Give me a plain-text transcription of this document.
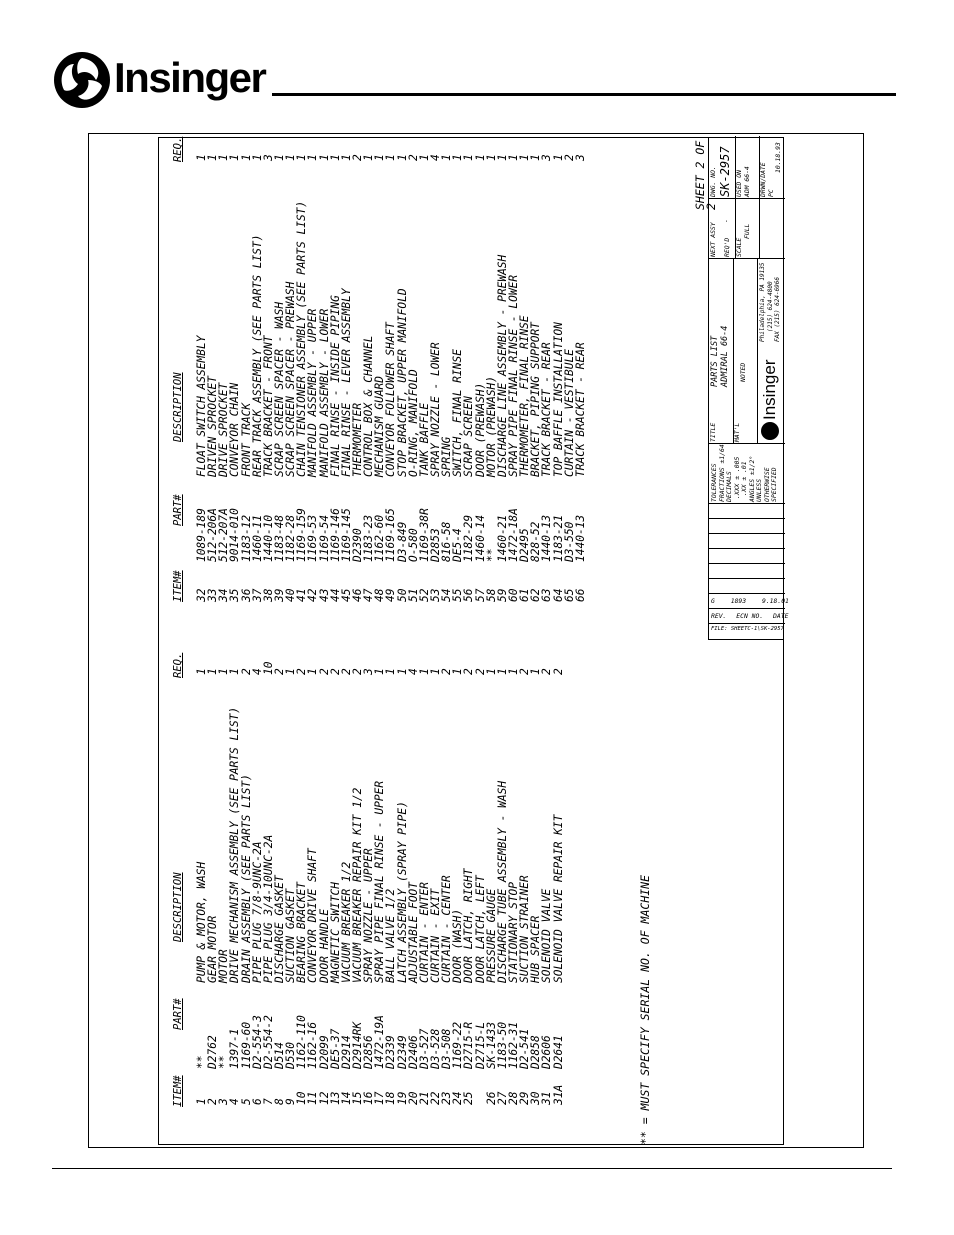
Insinger
ITEM#
PART#
DESCRIPTION
REQ.
ITEM#
PART#
DESCRIPTION
REQ.
1
2
3
4
5
6
7
8
9
10
11
12
13
14
15
16
17
18
19
20
21
22
23
24
25 26
27
28
29
30
31
31A
**
D2762
**
1397-1
1169-60
D2-554-3
D2-554-2
D514
D530
1162-110
1162-16
D2099
DE5-37
D2914
D2914RK
D2856
1472-19A
D2339
D2349
D2406
D3-527
D3-528
D3-508
1169-22
D2715-R
D2715-L
SK-1433
1183-50
1162-31
D2-541
D2858
D2606
D2641
PUMP & MOTOR, WASH
GEAR MOTOR
MOTOR
DRIVE MECHANISM ASSEMBLY (SEE PARTS LIST)
DRAIN ASSEMBLY (SEE PARTS LIST)
PIPE PLUG 7/8-9UNC-2A
PIPE PLUG 3/4-10UNC-2A
DISCHARGE GASKET
SUCTION GASKET
BEARING BRACKET
CONVEYOR DRIVE SHAFT
DOOR HANDLE
MAGNETIC SWITCH
VACUUM BREAKER 1/2
VACUUM BREAKER REPAIR KIT 1/2
SPRAY NOZZLE - UPPER
SPRAY PIPE FINAL RINSE - UPPER
BALL VALVE 1/2
LATCH ASSEMBLY (SPRAY PIPE)
ADJUSTABLE FOOT
CURTAIN - ENTER
CURTAIN - EXIT
CURTAIN - CENTER
DOOR (WASH)
DOOR LATCH, RIGHT
DOOR LATCH, LEFT
PRESSURE GAUGE
DISCHARGE TUBE ASSEMBLY - WASH
STATIONARY STOP
SUCTION STRAINER
HUB SPACER
SOLENOID VALVE
SOLENOID VALVE REPAIR KIT
1
1
1
1
2
4
10
2
1
2
1
2
2
2
2
3
1
1
1
4
1
1
2
1
2
2
1
1
1
2
1
2
2
32
33
34
35
36
37
38
39
40
41
42
43
44
45
46
47
48
49
50
51
52
53
54
55
56
57
58
59
60
61
62
63
64
65
66
1089-189
512-206A
512-207A
9014-010
1183-12
1460-11
1440-10
1183-48
1182-28
1169-159
1169-53
1169-54
1169-146
1169-145
D2390
1183-23
1162-60
1169-165
D3-849
O-580
1169-38R
D2853
816-58
DE5-4
1182-29
1460-14
**
1460-21
1472-18A
D2495
828-52
1440-13
1183-21
D3-550
1440-13
FLOAT SWITCH ASSEMBLY
DRIVEN SPROCKET
DRIVE SPROCKET
CONVEYOR CHAIN
FRONT TRACK
REAR TRACK ASSEMBLY (SEE PARTS LIST)
TRACK BRACKET - FRONT
SCRAP SCREEN SPACER - WASH
SCRAP SCREEN SPACER - PREWASH
CHAIN TENSIONER ASSEMBLY (SEE PARTS LIST)
MANIFOLD ASSEMBLY - UPPER
MANIFOLD ASSEMBLY - LOWER
FINAL RINSE - INSIDE PIPING
FINAL RINSE - LEVER ASSEMBLY
THERMOMETER
CONTROL BOX & CHANNEL
MECHANISM GUARD
CONVEYOR FOLLOWER SHAFT
STOP BRACKET, UPPER MANIFOLD
O-RING, MANIFOLD
TANK BAFFLE
SPRAY NOZZLE - LOWER
SPRING
SWITCH, FINAL RINSE
SCRAP SCREEN
DOOR (PREWASH)
MOTOR (PREWASH)
DISCHARGE LINE ASSEMBLY - PREWASH
SPRAY PIPE FINAL RINSE - LOWER
THERMOMETER, FINAL RINSE
BRACKET, PIPING SUPPORT
TRACK BRACKET - REAR
TOP BAFFLE INSTALLATION
CURTAIN - VESTIBULE
TRACK BRACKET - REAR
1
1
1
1
1
1
3
1
1
1
1
1
1
1
2
1
1
1
1
2
1
4
1
1
1
1
1
1
1
1
1
3
1
2
3
** = MUST SPECIFY SERIAL NO. OF MACHINE
SHEET 2 OF 2
FILE: SHEETC-1\SK-2957
REV. ECN NO. DATE
G 1893 9.18.01
TOLERANCES FRACTIONS ±1/64 DECIMALS .XXX ± .005 .XX ± .01 ANGLES ±1/2° UNLESS OTHERWISE SPECIFIED
TITLE
PARTS LIST ADMIRAL 66-4
MAT'L
NOTED Insinger
Philadelphia, PA 19135 (215) 624-4800 FAX (215) 624-6966
NEXT ASSY REQ'D
-
DWG. NO. SK-2957
SCALE
FULL
USED ON ADM 66-4 DRWN/DATE PC
10.18.93
